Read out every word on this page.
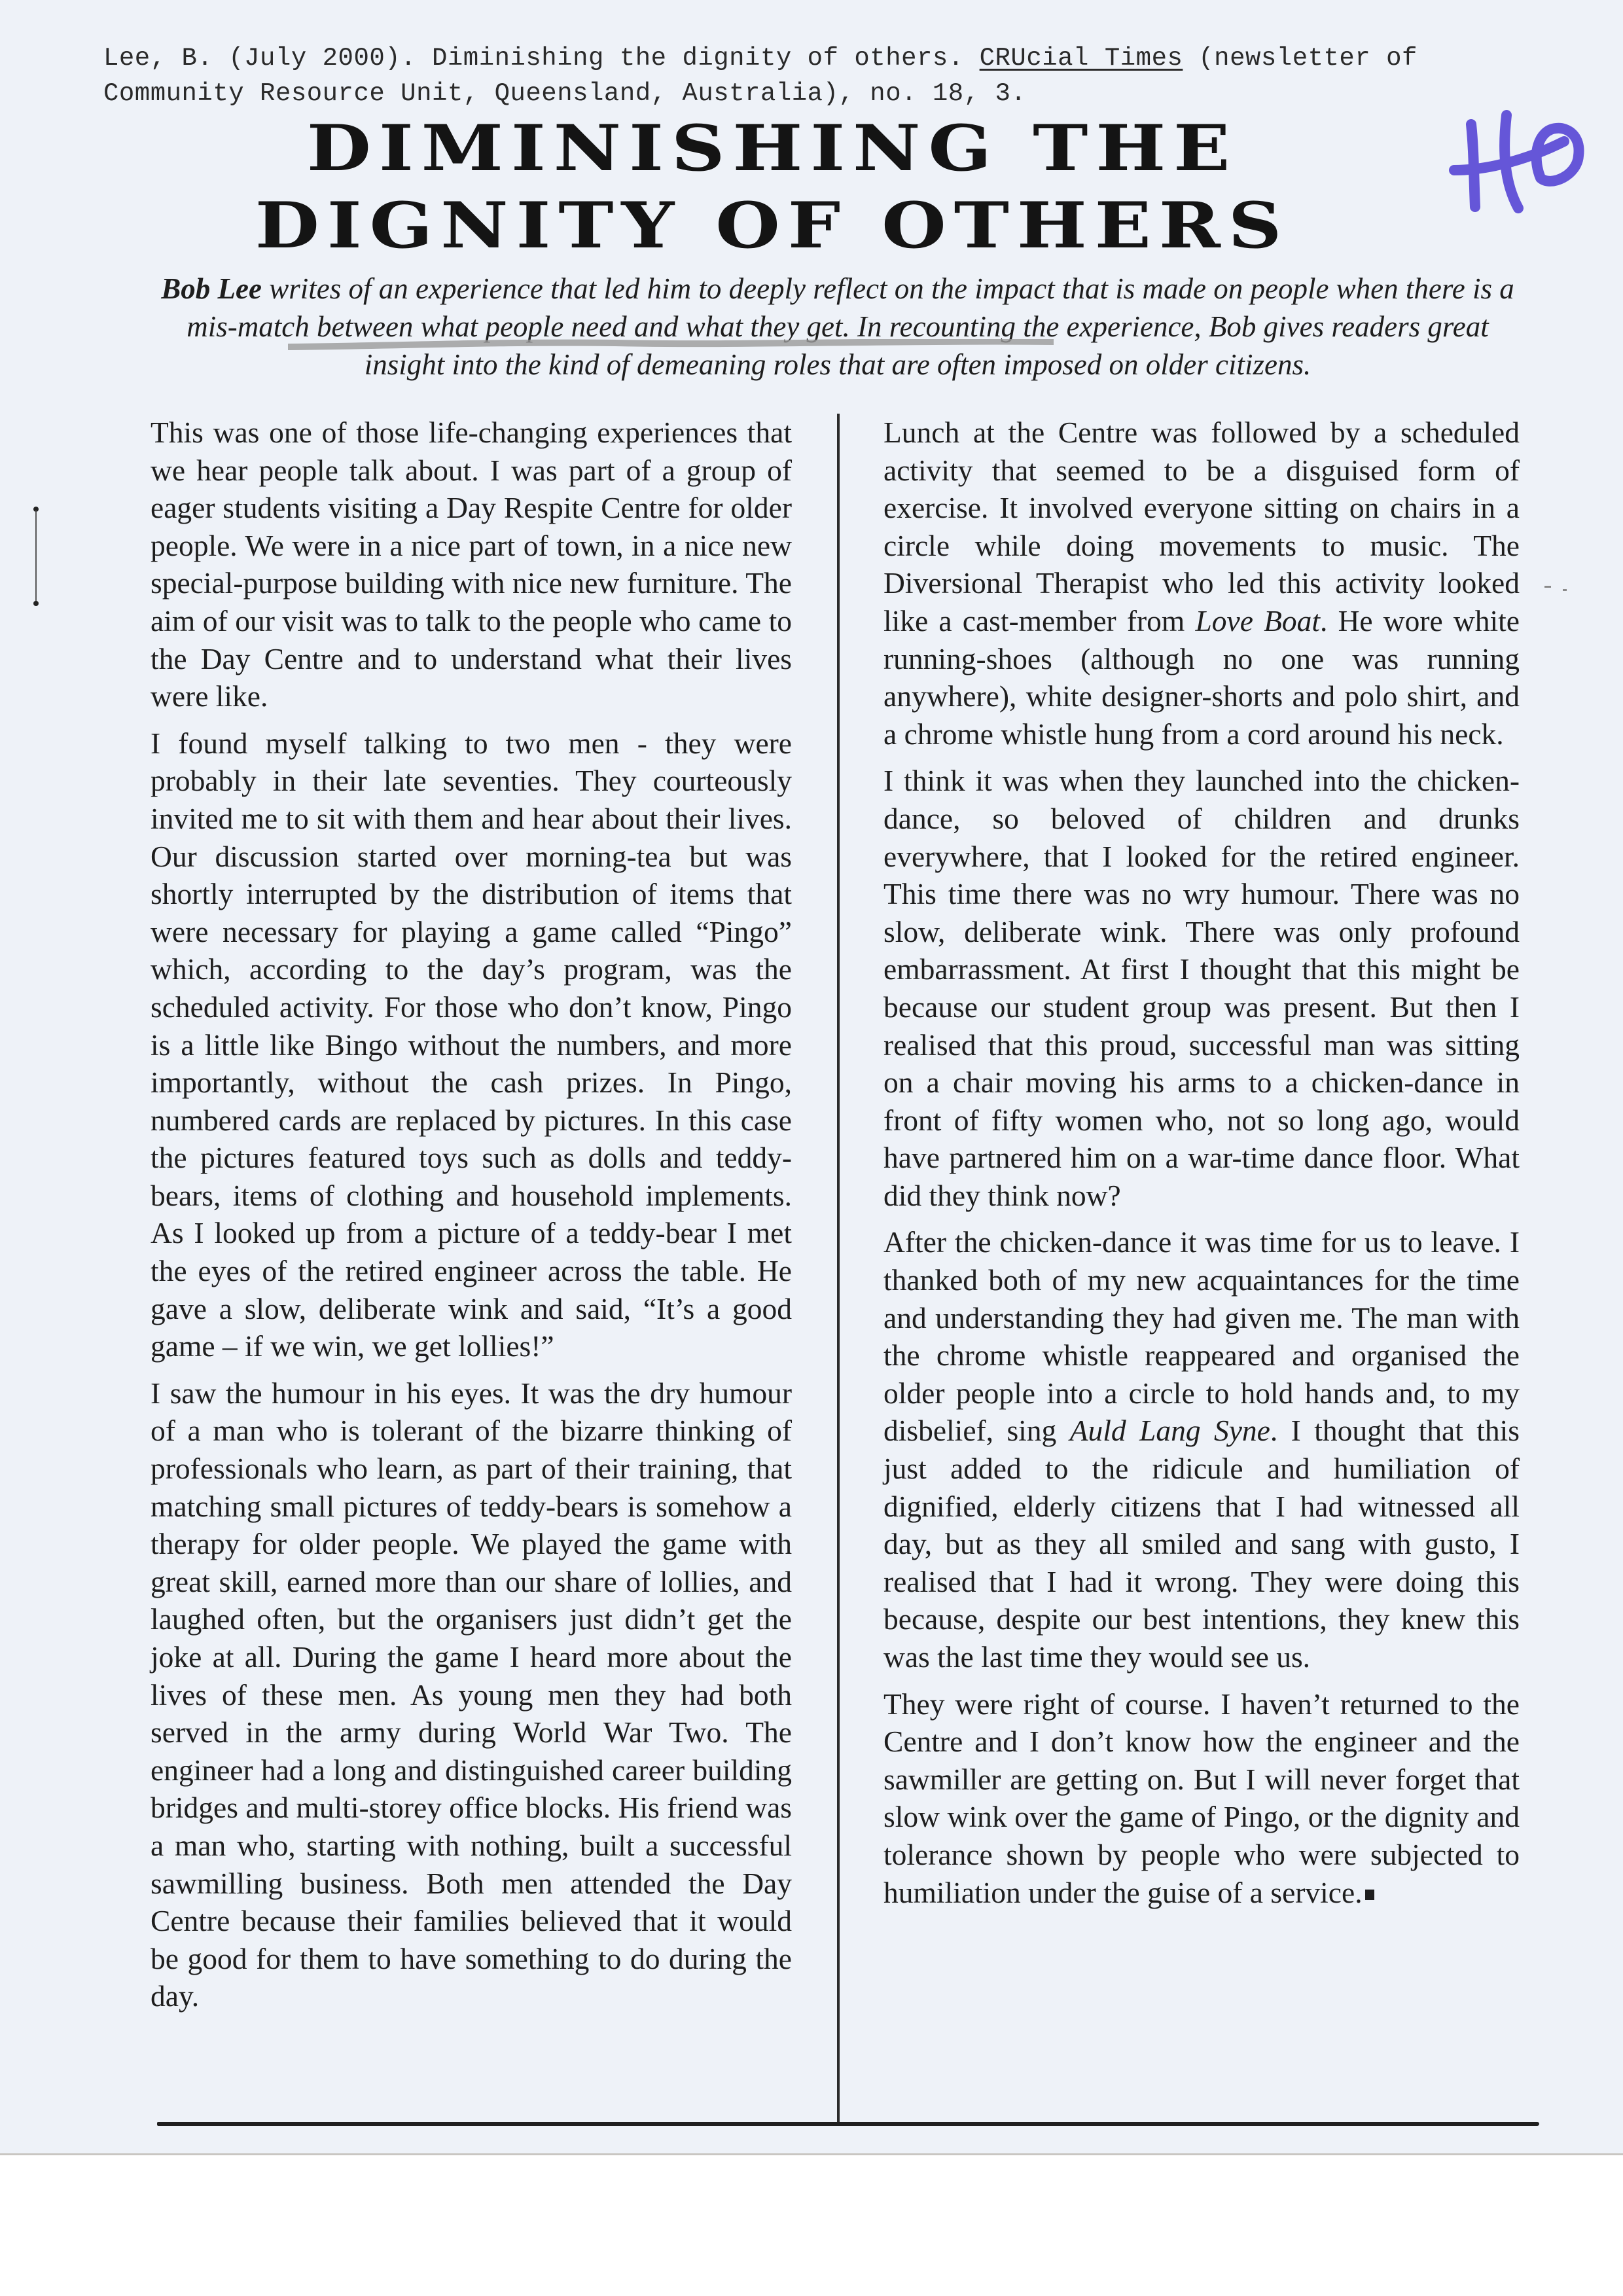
Lee, B. (July 2000). Diminishing the dignity of others. CRUcial Times (newsletter of Community Resource Unit, Queensland, Australia), no. 18, 3.
DIMINISHING THE
DIGNITY OF OTHERS
Bob Lee writes of an experience that led him to deeply reflect on the impact that is made on people when there is a mis-match between what people need and what they get. In recounting the experience, Bob gives readers great insight into the kind of demeaning roles that are often imposed on older citizens.

This was one of those life-changing experiences that we hear people talk about. I was part of a group of eager students visiting a Day Respite Centre for older people. We were in a nice part of town, in a nice new special-purpose building with nice new furniture. The aim of our visit was to talk to the people who came to the Day Centre and to understand what their lives were like.

I found myself talking to two men - they were probably in their late seventies. They courteously invited me to sit with them and hear about their lives. Our discussion started over morning-tea but was shortly interrupted by the distribution of items that were necessary for playing a game called “Pingo” which, according to the day’s program, was the scheduled activity. For those who don’t know, Pingo is a little like Bingo without the numbers, and more importantly, without the cash prizes. In Pingo, numbered cards are replaced by pictures. In this case the pictures featured toys such as dolls and teddy-bears, items of clothing and household implements. As I looked up from a picture of a teddy-bear I met the eyes of the retired engineer across the table. He gave a slow, deliberate wink and said, “It’s a good game – if we win, we get lollies!”

I saw the humour in his eyes. It was the dry humour of a man who is tolerant of the bizarre thinking of professionals who learn, as part of their training, that matching small pictures of teddy-bears is somehow a therapy for older people. We played the game with great skill, earned more than our share of lollies, and laughed often, but the organisers just didn’t get the joke at all. During the game I heard more about the lives of these men. As young men they had both served in the army during World War Two. The engineer had a long and distinguished career building bridges and multi-storey office blocks. His friend was a man who, starting with nothing, built a successful sawmilling business. Both men attended the Day Centre because their families believed that it would be good for them to have something to do during the day.

Lunch at the Centre was followed by a scheduled activity that seemed to be a disguised form of exercise. It involved everyone sitting on chairs in a circle while doing movements to music. The Diversional Therapist who led this activity looked like a cast-member from Love Boat. He wore white running-shoes (although no one was running anywhere), white designer-shorts and polo shirt, and a chrome whistle hung from a cord around his neck.

I think it was when they launched into the chicken-dance, so beloved of children and drunks everywhere, that I looked for the retired engineer. This time there was no wry humour. There was no slow, deliberate wink. There was only profound embarrassment. At first I thought that this might be because our student group was present. But then I realised that this proud, successful man was sitting on a chair moving his arms to a chicken-dance in front of fifty women who, not so long ago, would have partnered him on a war-time dance floor. What did they think now?

After the chicken-dance it was time for us to leave. I thanked both of my new acquaintances for the time and understanding they had given me. The man with the chrome whistle reappeared and organised the older people into a circle to hold hands and, to my disbelief, sing Auld Lang Syne. I thought that this just added to the ridicule and humiliation of dignified, elderly citizens that I had witnessed all day, but as they all smiled and sang with gusto, I realised that I had it wrong. They were doing this because, despite our best intentions, they knew this was the last time they would see us.

They were right of course. I haven’t returned to the Centre and I don’t know how the engineer and the sawmiller are getting on. But I will never forget that slow wink over the game of Pingo, or the dignity and tolerance shown by people who were subjected to humiliation under the guise of a service.
